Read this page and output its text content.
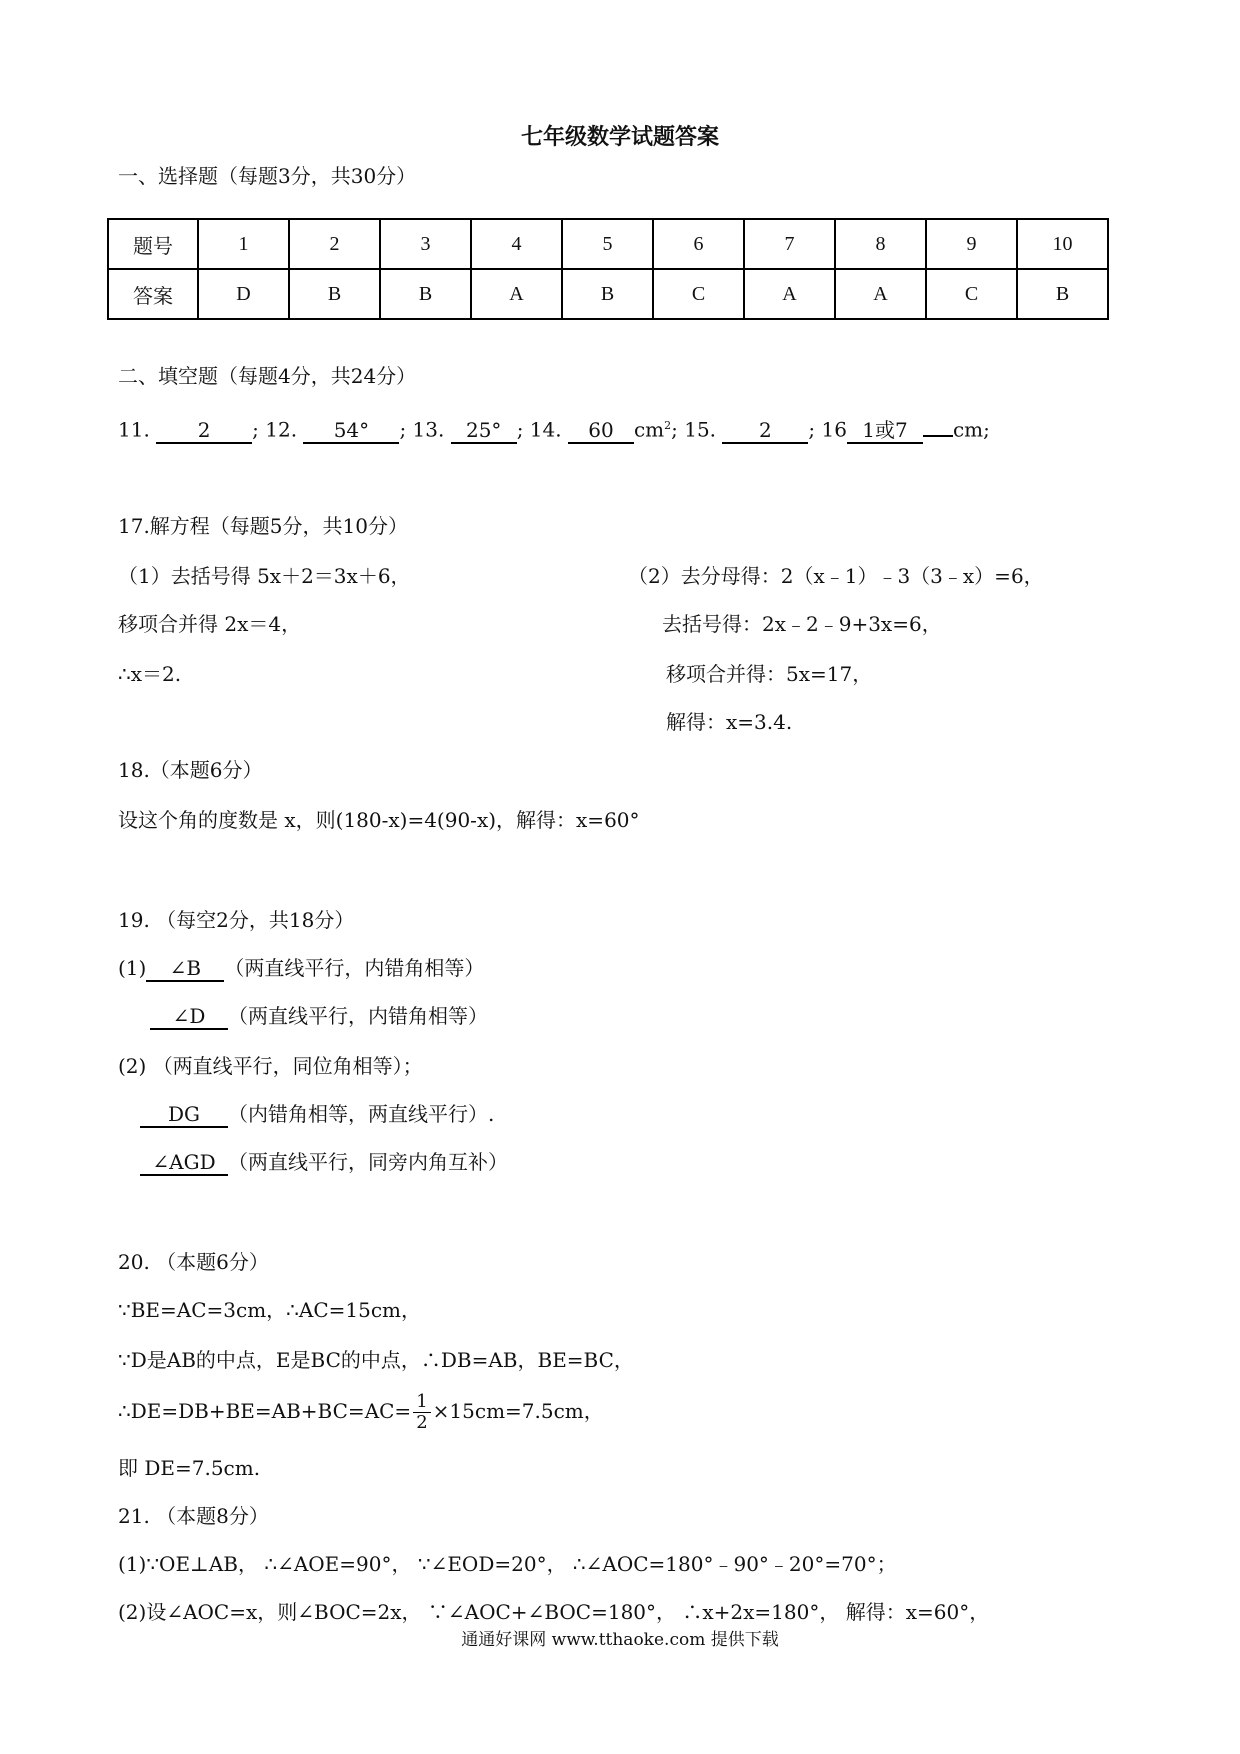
七年级数学试题答案
一、选择题（每题3分，共30分）
题号	1	2	3	4	5	6	7	8	9	10
答案	D	B	B	A	B	C	A	A	C	B
二、填空题（每题4分，共24分）
11. 2 ; 12. 54° ; 13. 25° ; 14. 60 $cm^2$; 15. 2 ; 16 1或7 cm;
17.解方程（每题5分，共10分）
（1）去括号得 5x＋2＝3x＋6，
移项合并得 2x＝4，
∴x＝2.
（2）去分母得：2（x﹣1）﹣3（3﹣x）=6，
去括号得：2x﹣2﹣9+3x=6，
移项合并得：5x=17，
解得：x=3.4.
18.（本题6分）
设这个角的度数是 x，则(180-x)=4(90-x)，解得：x=60°
19. （每空2分，共18分）
(1) ∠B （两直线平行，内错角相等）
∠D （两直线平行，内错角相等）
(2) （两直线平行，同位角相等）；
DG （内错角相等，两直线平行）.
∠AGD （两直线平行，同旁内角互补）
20. （本题6分）
∵BE=AC=3cm，∴AC=15cm，
∵D是AB的中点，E是BC的中点，∴DB=AB，BE=BC，
∴DE=DB+BE=AB+BC=AC= $\frac{1}{2} \times 15cm=7.5cm$，
即 DE=7.5cm.
21. （本题8分）
(1)∵OE⊥AB， ∴∠AOE=90°， ∵∠EOD=20°， ∴∠AOC=180°﹣90°﹣20°=70°；
(2)设∠AOC=x，则∠BOC=2x， ∵∠AOC+∠BOC=180°， ∴x+2x=180°， 解得：x=60°，
通通好课网 www.tthaoke.com 提供下载
